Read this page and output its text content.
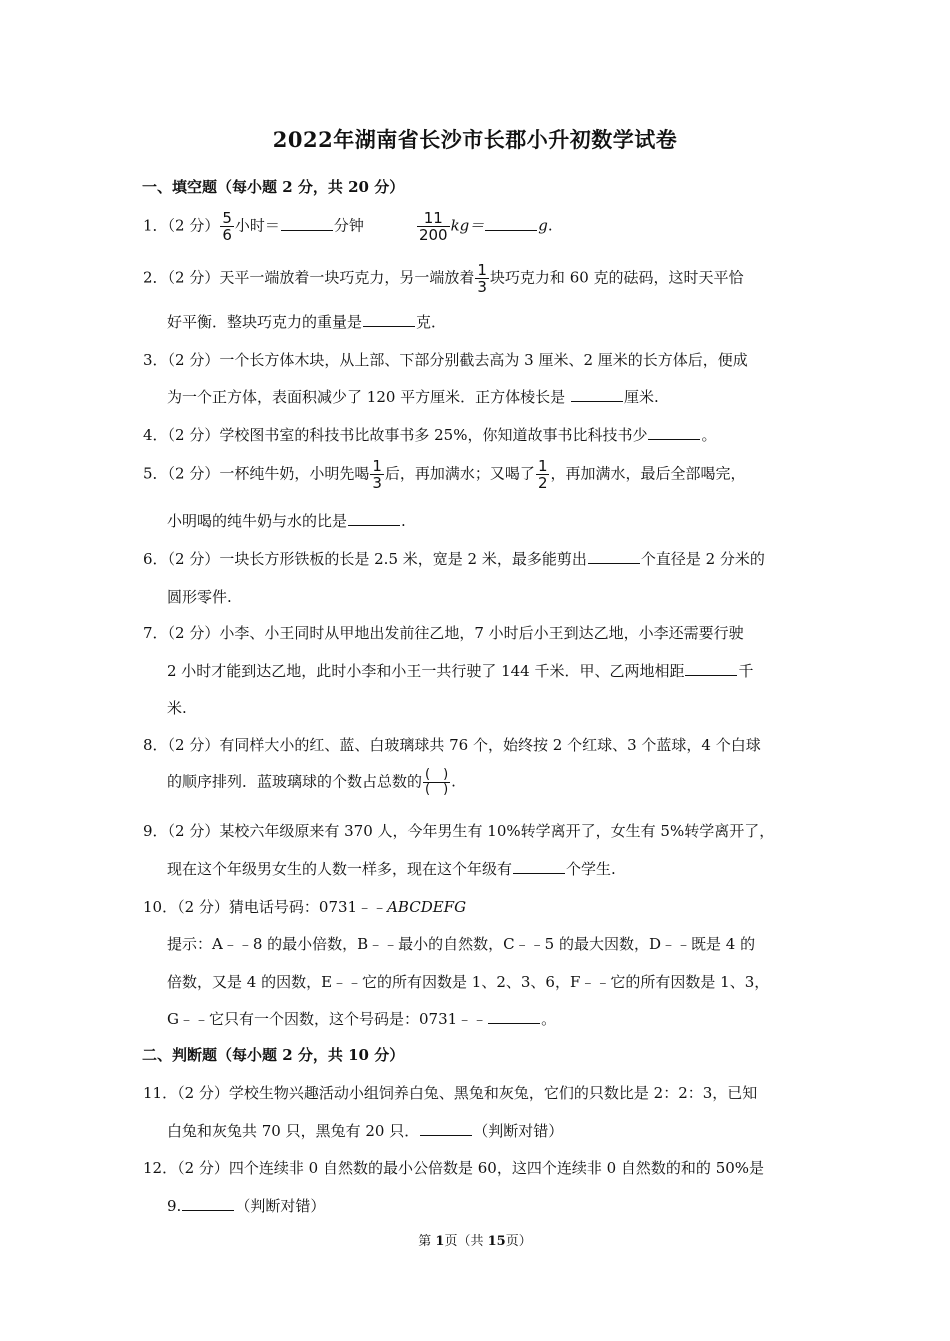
2022年湖南省长沙市长郡小升初数学试卷
一、填空题（每小题 2 分，共 20 分）
1．（2 分） $\frac{5}{6}$ 小时＝	分钟	$\frac{11}{200} kg=$	g.
2．（2 分）天平一端放着一块巧克力，另一端放着 $\frac{1}{3}$ 块巧克力和 60 克的砝码，这时天平恰
好平衡．整块巧克力的重量是	克．
3．（2 分）一个长方体木块，从上部、下部分别截去高为 3 厘米、2 厘米的长方体后，便成
为一个正方体，表面积减少了 120 平方厘米．正方体棱长是	厘米.
4．（2 分）学校图书室的科技书比故事书多 25%，你知道故事书比科技书少	。
5．（2 分）一杯纯牛奶，小明先喝 $\frac{1}{3}$ 后，再加满水；又喝了 $\frac{1}{2}$ ，再加满水，最后全部喝完，
小明喝的纯牛奶与水的比是	.
6．（2 分）一块长方形铁板的长是 2.5 米，宽是 2 米，最多能剪出	个直径是 2 分米的
圆形零件.
7．（2 分）小李、小王同时从甲地出发前往乙地，7 小时后小王到达乙地，小李还需要行驶
2 小时才能到达乙地，此时小李和小王一共行驶了 144 千米．甲、乙两地相距	千
米.
8．（2 分）有同样大小的红、蓝、白玻璃球共 76 个，始终按 2 个红球、3 个蓝球，4 个白球
的顺序排列．蓝玻璃球的个数占总数的 $\frac{( )}{( )}$ .
9．（2 分）某校六年级原来有 370 人，今年男生有 10%转学离开了，女生有 5%转学离开了，
现在这个年级男女生的人数一样多，现在这个年级有	个学生.
10．（2 分）猜电话号码：0731﹣﹣ABCDEFG
提示：A﹣﹣8 的最小倍数，B﹣﹣最小的自然数，C﹣﹣5 的最大因数，D﹣﹣既是 4 的
倍数，又是 4 的因数，E﹣﹣它的所有因数是 1、2、3、6，F﹣﹣它的所有因数是 1、3，
G﹣﹣它只有一个因数，这个号码是：0731﹣﹣	。
二、判断题（每小题 2 分，共 10 分）
11．（2 分）学校生物兴趣活动小组饲养白兔、黑兔和灰兔，它们的只数比是 2：2：3，已知
白兔和灰兔共 70 只，黑兔有 20 只．	（判断对错）
12．（2 分）四个连续非 0 自然数的最小公倍数是 60，这四个连续非 0 自然数的和的 50%是
9.	（判断对错）
第 1页（共 15页）
